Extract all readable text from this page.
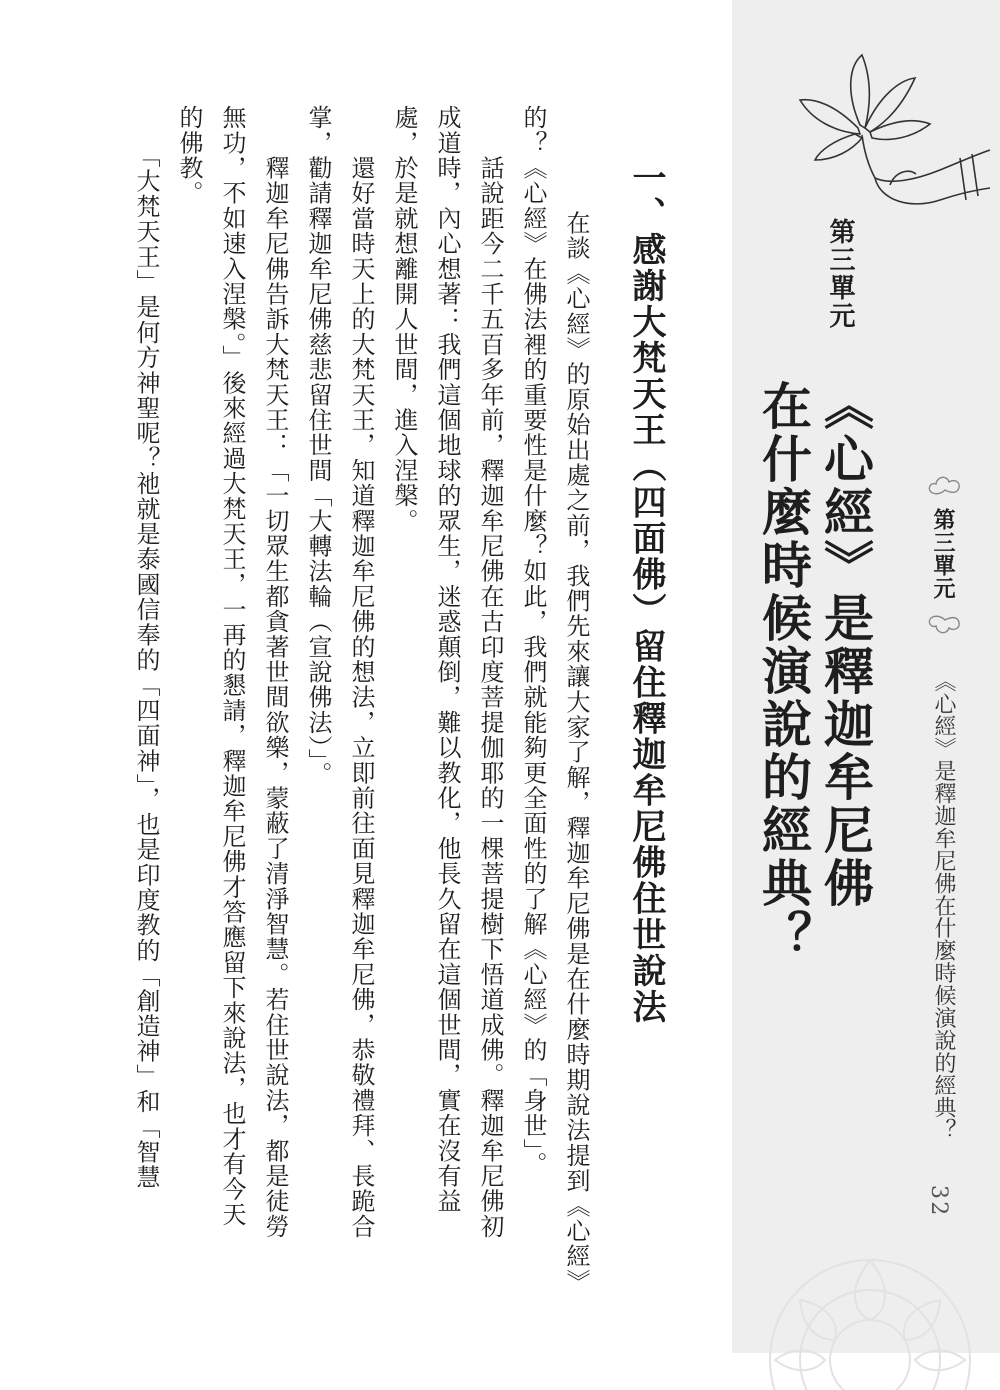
第三單元
《心經》是釋迦牟尼佛
在什麼時候演說的經典？	第三單元
《心經》是釋迦牟尼佛在什麼時候演說的經典？
32
一、感謝大梵天王（四面佛）留住釋迦牟尼佛住世說法
　　在談《心經》的原始出處之前，我們先來讓大家了解，釋迦牟尼佛是在什麼時期說法提到《心經》
的？《心經》在佛法裡的重要性是什麼？如此，我們就能夠更全面性的了解《心經》的「身世」。
　　話說距今二千五百多年前，釋迦牟尼佛在古印度菩提伽耶的一棵菩提樹下悟道成佛。釋迦牟尼佛初
成道時，內心想著：我們這個地球的眾生，迷惑顛倒，難以教化，他長久留在這個世間，實在沒有益
處，於是就想離開人世間，進入涅槃。
　　還好當時天上的大梵天王，知道釋迦牟尼佛的想法，立即前往面見釋迦牟尼佛，恭敬禮拜、長跪合
掌，勸請釋迦牟尼佛慈悲留住世間「大轉法輪（宣說佛法）」。
　　釋迦牟尼佛告訴大梵天王：「一切眾生都貪著世間欲樂，蒙蔽了清淨智慧。若住世說法，都是徒勞
無功，不如速入涅槃。」後來經過大梵天王，一再的懇請，釋迦牟尼佛才答應留下來說法，也才有今天
的佛教。
　　「大梵天王」是何方神聖呢？祂就是泰國信奉的「四面神」，也是印度教的「創造神」和「智慧
